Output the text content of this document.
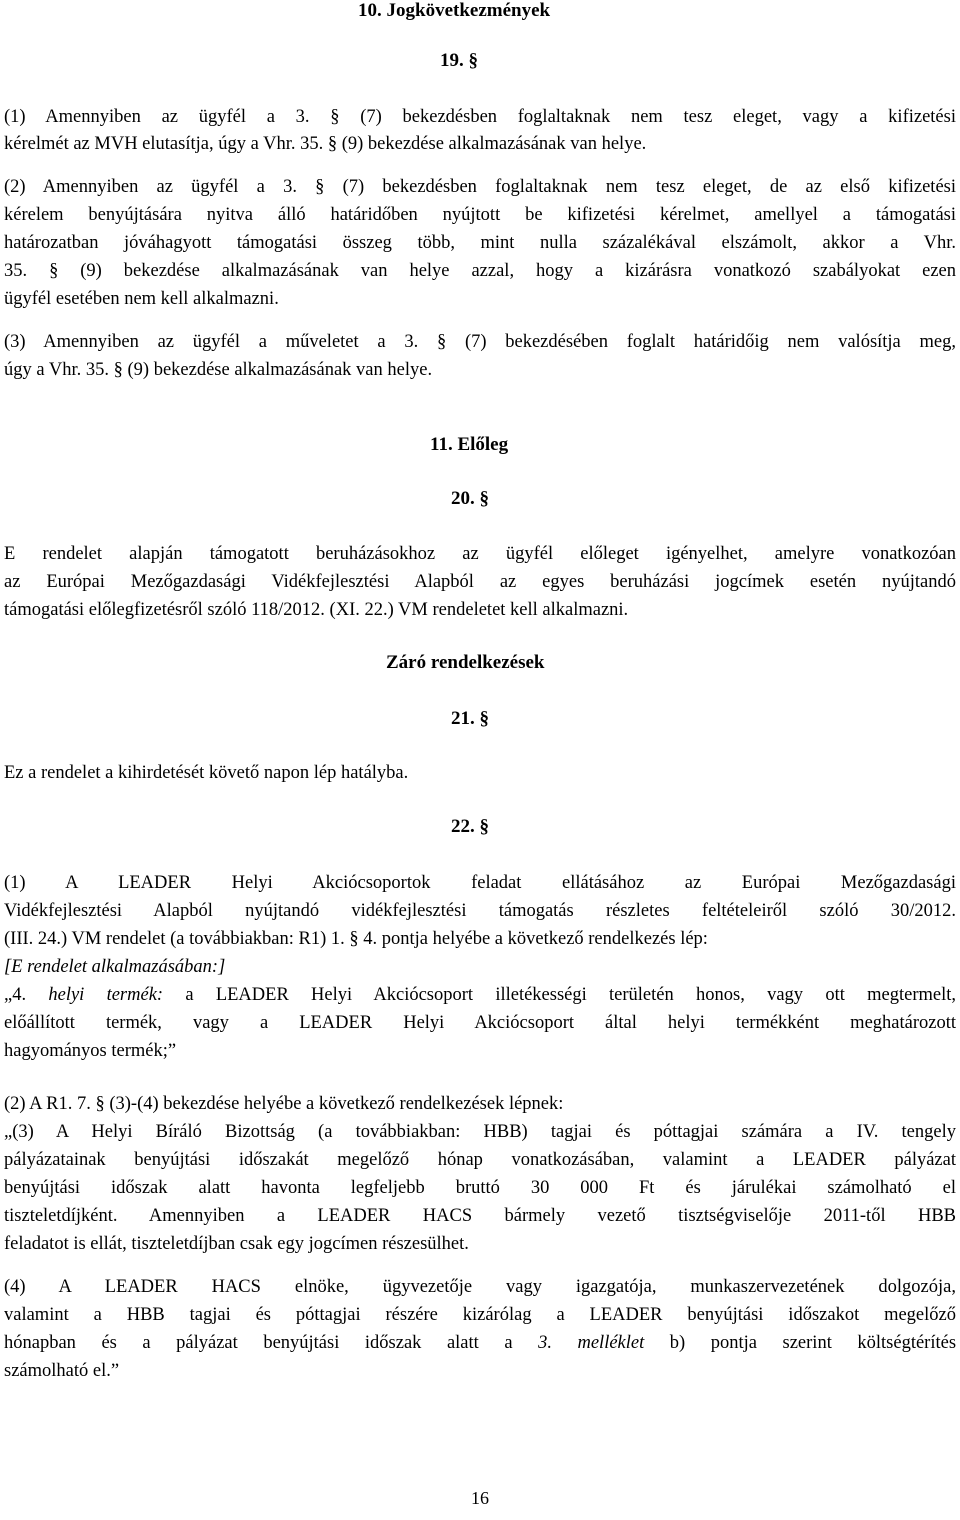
10. Jogkövetkezmények
19. §
(1) Amennyiben az ügyfél a 3. § (7) bekezdésben foglaltaknak nem tesz eleget, vagy a kifizetési
kérelmét az MVH elutasítja, úgy a Vhr. 35. § (9) bekezdése alkalmazásának van helye.
(2) Amennyiben az ügyfél a 3. § (7) bekezdésben foglaltaknak nem tesz eleget, de az első kifizetési
kérelem benyújtására nyitva álló határidőben nyújtott be kifizetési kérelmet, amellyel a támogatási
határozatban jóváhagyott támogatási összeg több, mint nulla százalékával elszámolt, akkor a Vhr.
35. § (9) bekezdése alkalmazásának van helye azzal, hogy a kizárásra vonatkozó szabályokat ezen
ügyfél esetében nem kell alkalmazni.
(3) Amennyiben az ügyfél a műveletet a 3. § (7) bekezdésében foglalt határidőig nem valósítja meg,
úgy a Vhr. 35. § (9) bekezdése alkalmazásának van helye.
11. Előleg
20. §
E rendelet alapján támogatott beruházásokhoz az ügyfél előleget igényelhet, amelyre vonatkozóan
az Európai Mezőgazdasági Vidékfejlesztési Alapból az egyes beruházási jogcímek esetén nyújtandó
támogatási előlegfizetésről szóló 118/2012. (XI. 22.) VM rendeletet kell alkalmazni.
Záró rendelkezések
21. §
Ez a rendelet a kihirdetését követő napon lép hatályba.
22. §
(1) A LEADER Helyi Akciócsoportok feladat ellátásához az Európai Mezőgazdasági
Vidékfejlesztési Alapból nyújtandó vidékfejlesztési támogatás részletes feltételeiről szóló 30/2012.
(III. 24.) VM rendelet (a továbbiakban: R1) 1. § 4. pontja helyébe a következő rendelkezés lép:
[E rendelet alkalmazásában:]
„4. helyi termék: a LEADER Helyi Akciócsoport illetékességi területén honos, vagy ott megtermelt,
előállított termék, vagy a LEADER Helyi Akciócsoport által helyi termékként meghatározott
hagyományos termék;”
(2) A R1. 7. § (3)-(4) bekezdése helyébe a következő rendelkezések lépnek:
„(3) A Helyi Bíráló Bizottság (a továbbiakban: HBB) tagjai és póttagjai számára a IV. tengely
pályázatainak benyújtási időszakát megelőző hónap vonatkozásában, valamint a LEADER pályázat
benyújtási időszak alatt havonta legfeljebb bruttó 30 000 Ft és járulékai számolható el
tiszteletdíjként. Amennyiben a LEADER HACS bármely vezető tisztségviselője 2011-től HBB
feladatot is ellát, tiszteletdíjban csak egy jogcímen részesülhet.
(4) A LEADER HACS elnöke, ügyvezetője vagy igazgatója, munkaszervezetének dolgozója,
valamint a HBB tagjai és póttagjai részére kizárólag a LEADER benyújtási időszakot megelőző
hónapban és a pályázat benyújtási időszak alatt a 3. melléklet b) pontja szerint költségtérítés
számolható el.”
16
